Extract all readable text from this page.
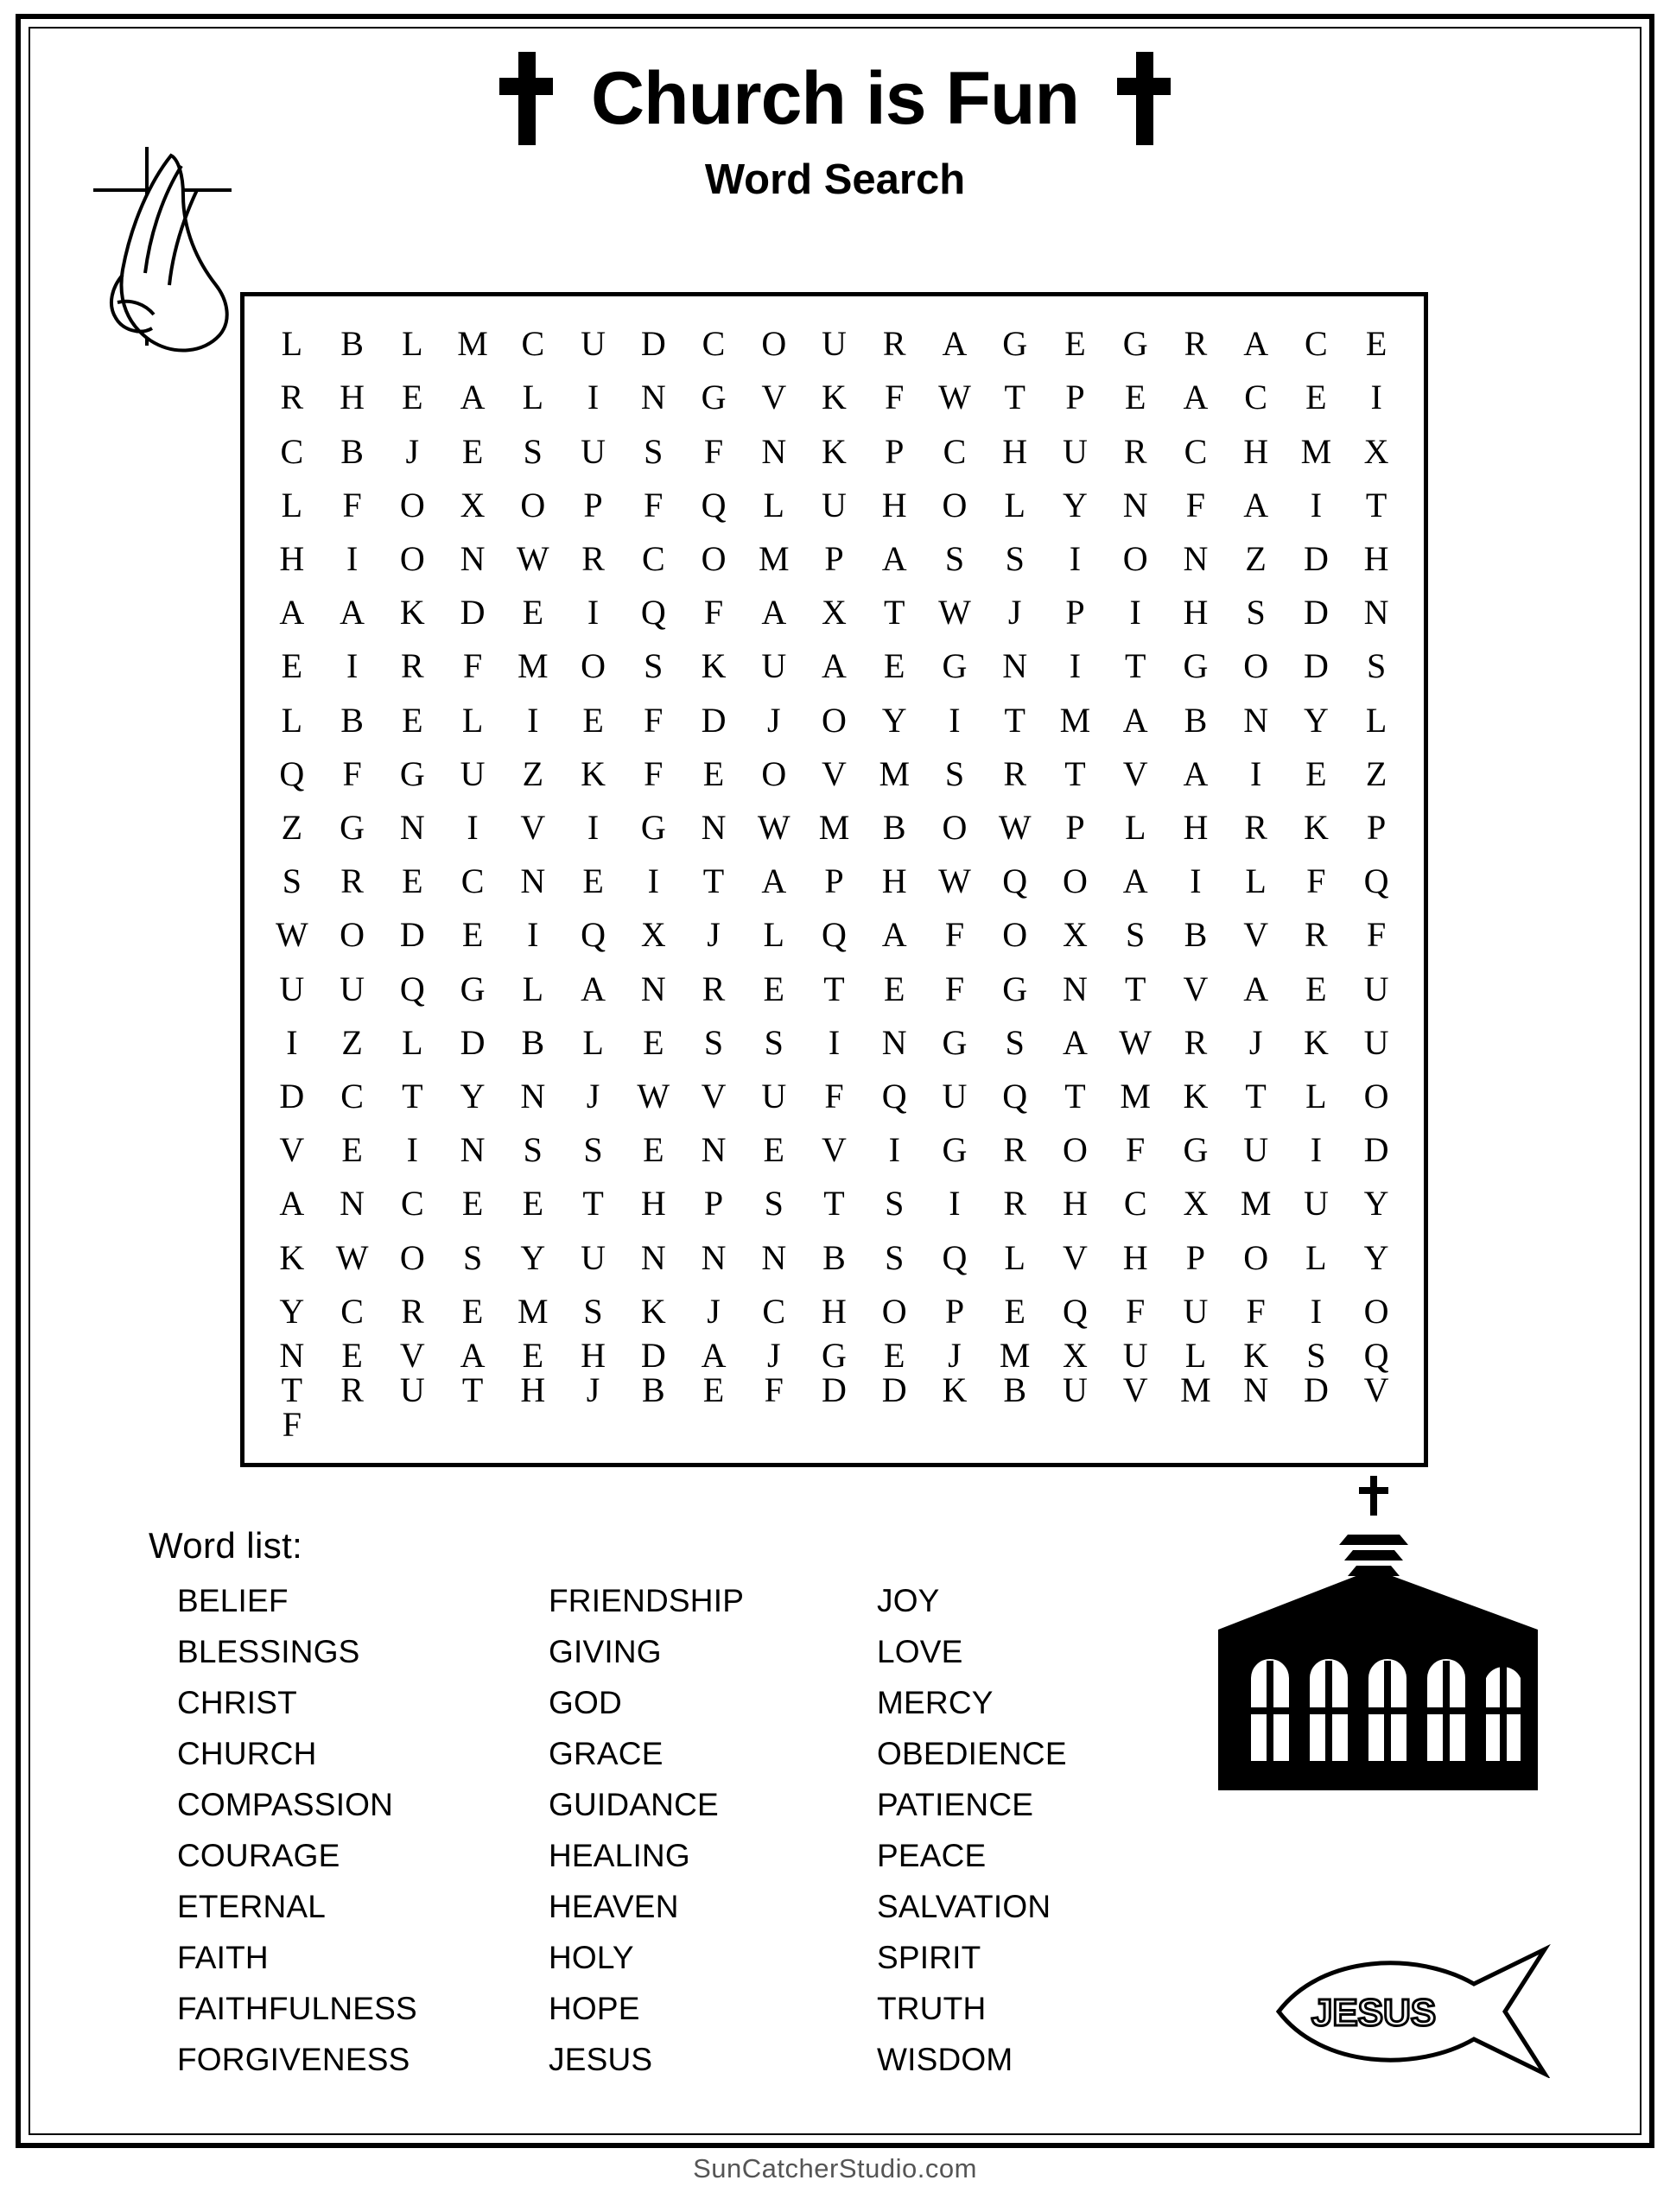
Church is Fun
Word Search
L B L M C U D C O U R A G E G R A C E
R H E A L I N G V K F W T P E A C E I
C B J E S U S F N K P C H U R C H M X
L F O X O P F Q L U H O L Y N F A I T
H I O N W R C O M P A S S I O N Z D H
A A K D E I Q F A X T W J P I H S D N
E I R F M O S K U A E G N I T G O D S
L B E L I E F D J O Y I T M A B N Y L
Q F G U Z K F E O V M S R T V A I E Z
Z G N I V I G N W M B O W P L H R K P
S R E C N E I T A P H W Q O A I L F Q
W O D E I Q X J L Q A F O X S B V R F
U U Q G L A N R E T E F G N T V A E U
I Z L D B L E S S I N G S A W R J K U
D C T Y N J W V U F Q U Q T M K T L O
V E I N S S E N E V I G R O F G U I D
A N C E E T H P S T S I R H C X M U Y
K W O S Y U N N N B S Q L V H P O L Y
Y C R E M S K J C H O P E Q F U F I O
N E V A E H D A J G E J M X U L K S Q
T R U T H J B E F D D K B U V M N D V
F
Word list:
BELIEF	FRIENDSHIP	JOY
BLESSINGS	GIVING	LOVE
CHRIST	GOD	MERCY
CHURCH	GRACE	OBEDIENCE
COMPASSION	GUIDANCE	PATIENCE
COURAGE	HEALING	PEACE
ETERNAL	HEAVEN	SALVATION
FAITH	HOLY	SPIRIT
FAITHFULNESS	HOPE	TRUTH
FORGIVENESS	JESUS	WISDOM
JESUS
SunCatcherStudio.com
